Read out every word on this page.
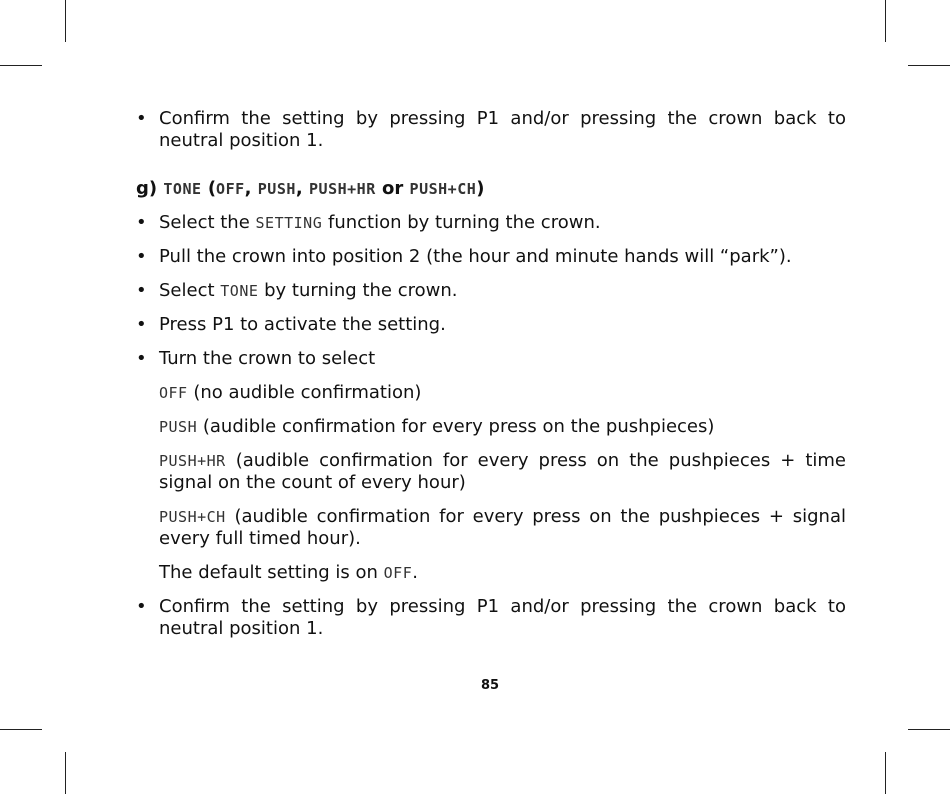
• Confirm the setting by pressing P1 and/or pressing the crown back to neutral position 1.
g) TONE (OFF, PUSH, PUSH+HR or PUSH+CH)
• Select the SETTING function by turning the crown.
• Pull the crown into position 2 (the hour and minute hands will “park”).
• Select TONE by turning the crown.
• Press P1 to activate the setting.
• Turn the crown to select
OFF (no audible confirmation)
PUSH (audible confirmation for every press on the pushpieces)
PUSH+HR (audible confirmation for every press on the pushpieces + time signal on the count of every hour)
PUSH+CH (audible confirmation for every press on the pushpieces + signal every full timed hour).
The default setting is on OFF.
• Confirm the setting by pressing P1 and/or pressing the crown back to neutral position 1.
85
